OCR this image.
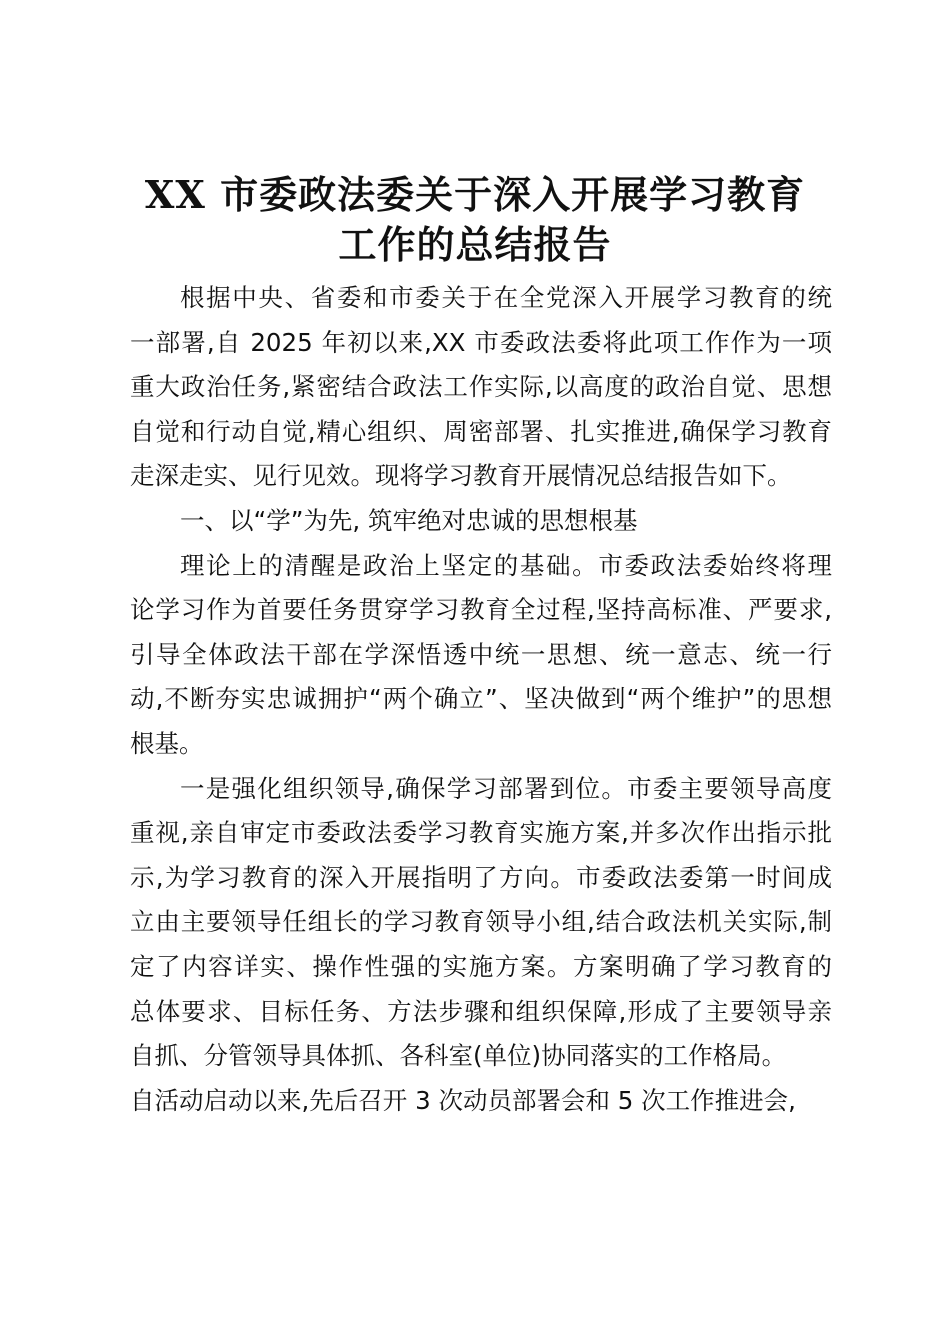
XX 市委政法委关于深入开展学习教育
工作的总结报告
根据中央、省委和市委关于在全党深入开展学习教育的统
一部署,自 2025 年初以来,XX 市委政法委将此项工作作为一项
重大政治任务,紧密结合政法工作实际,以高度的政治自觉、思想
自觉和行动自觉,精心组织、周密部署、扎实推进,确保学习教育
走深走实、见行见效。现将学习教育开展情况总结报告如下。
一、以“学”为先, 筑牢绝对忠诚的思想根基
理论上的清醒是政治上坚定的基础。市委政法委始终将理
论学习作为首要任务贯穿学习教育全过程,坚持高标准、严要求,
引导全体政法干部在学深悟透中统一思想、统一意志、统一行
动,不断夯实忠诚拥护“两个确立”、坚决做到“两个维护”的思想
根基。
一是强化组织领导,确保学习部署到位。市委主要领导高度
重视,亲自审定市委政法委学习教育实施方案,并多次作出指示批
示,为学习教育的深入开展指明了方向。市委政法委第一时间成
立由主要领导任组长的学习教育领导小组,结合政法机关实际,制
定了内容详实、操作性强的实施方案。方案明确了学习教育的
总体要求、目标任务、方法步骤和组织保障,形成了主要领导亲
自抓、分管领导具体抓、各科室(单位)协同落实的工作格局。
自活动启动以来,先后召开 3 次动员部署会和 5 次工作推进会,
